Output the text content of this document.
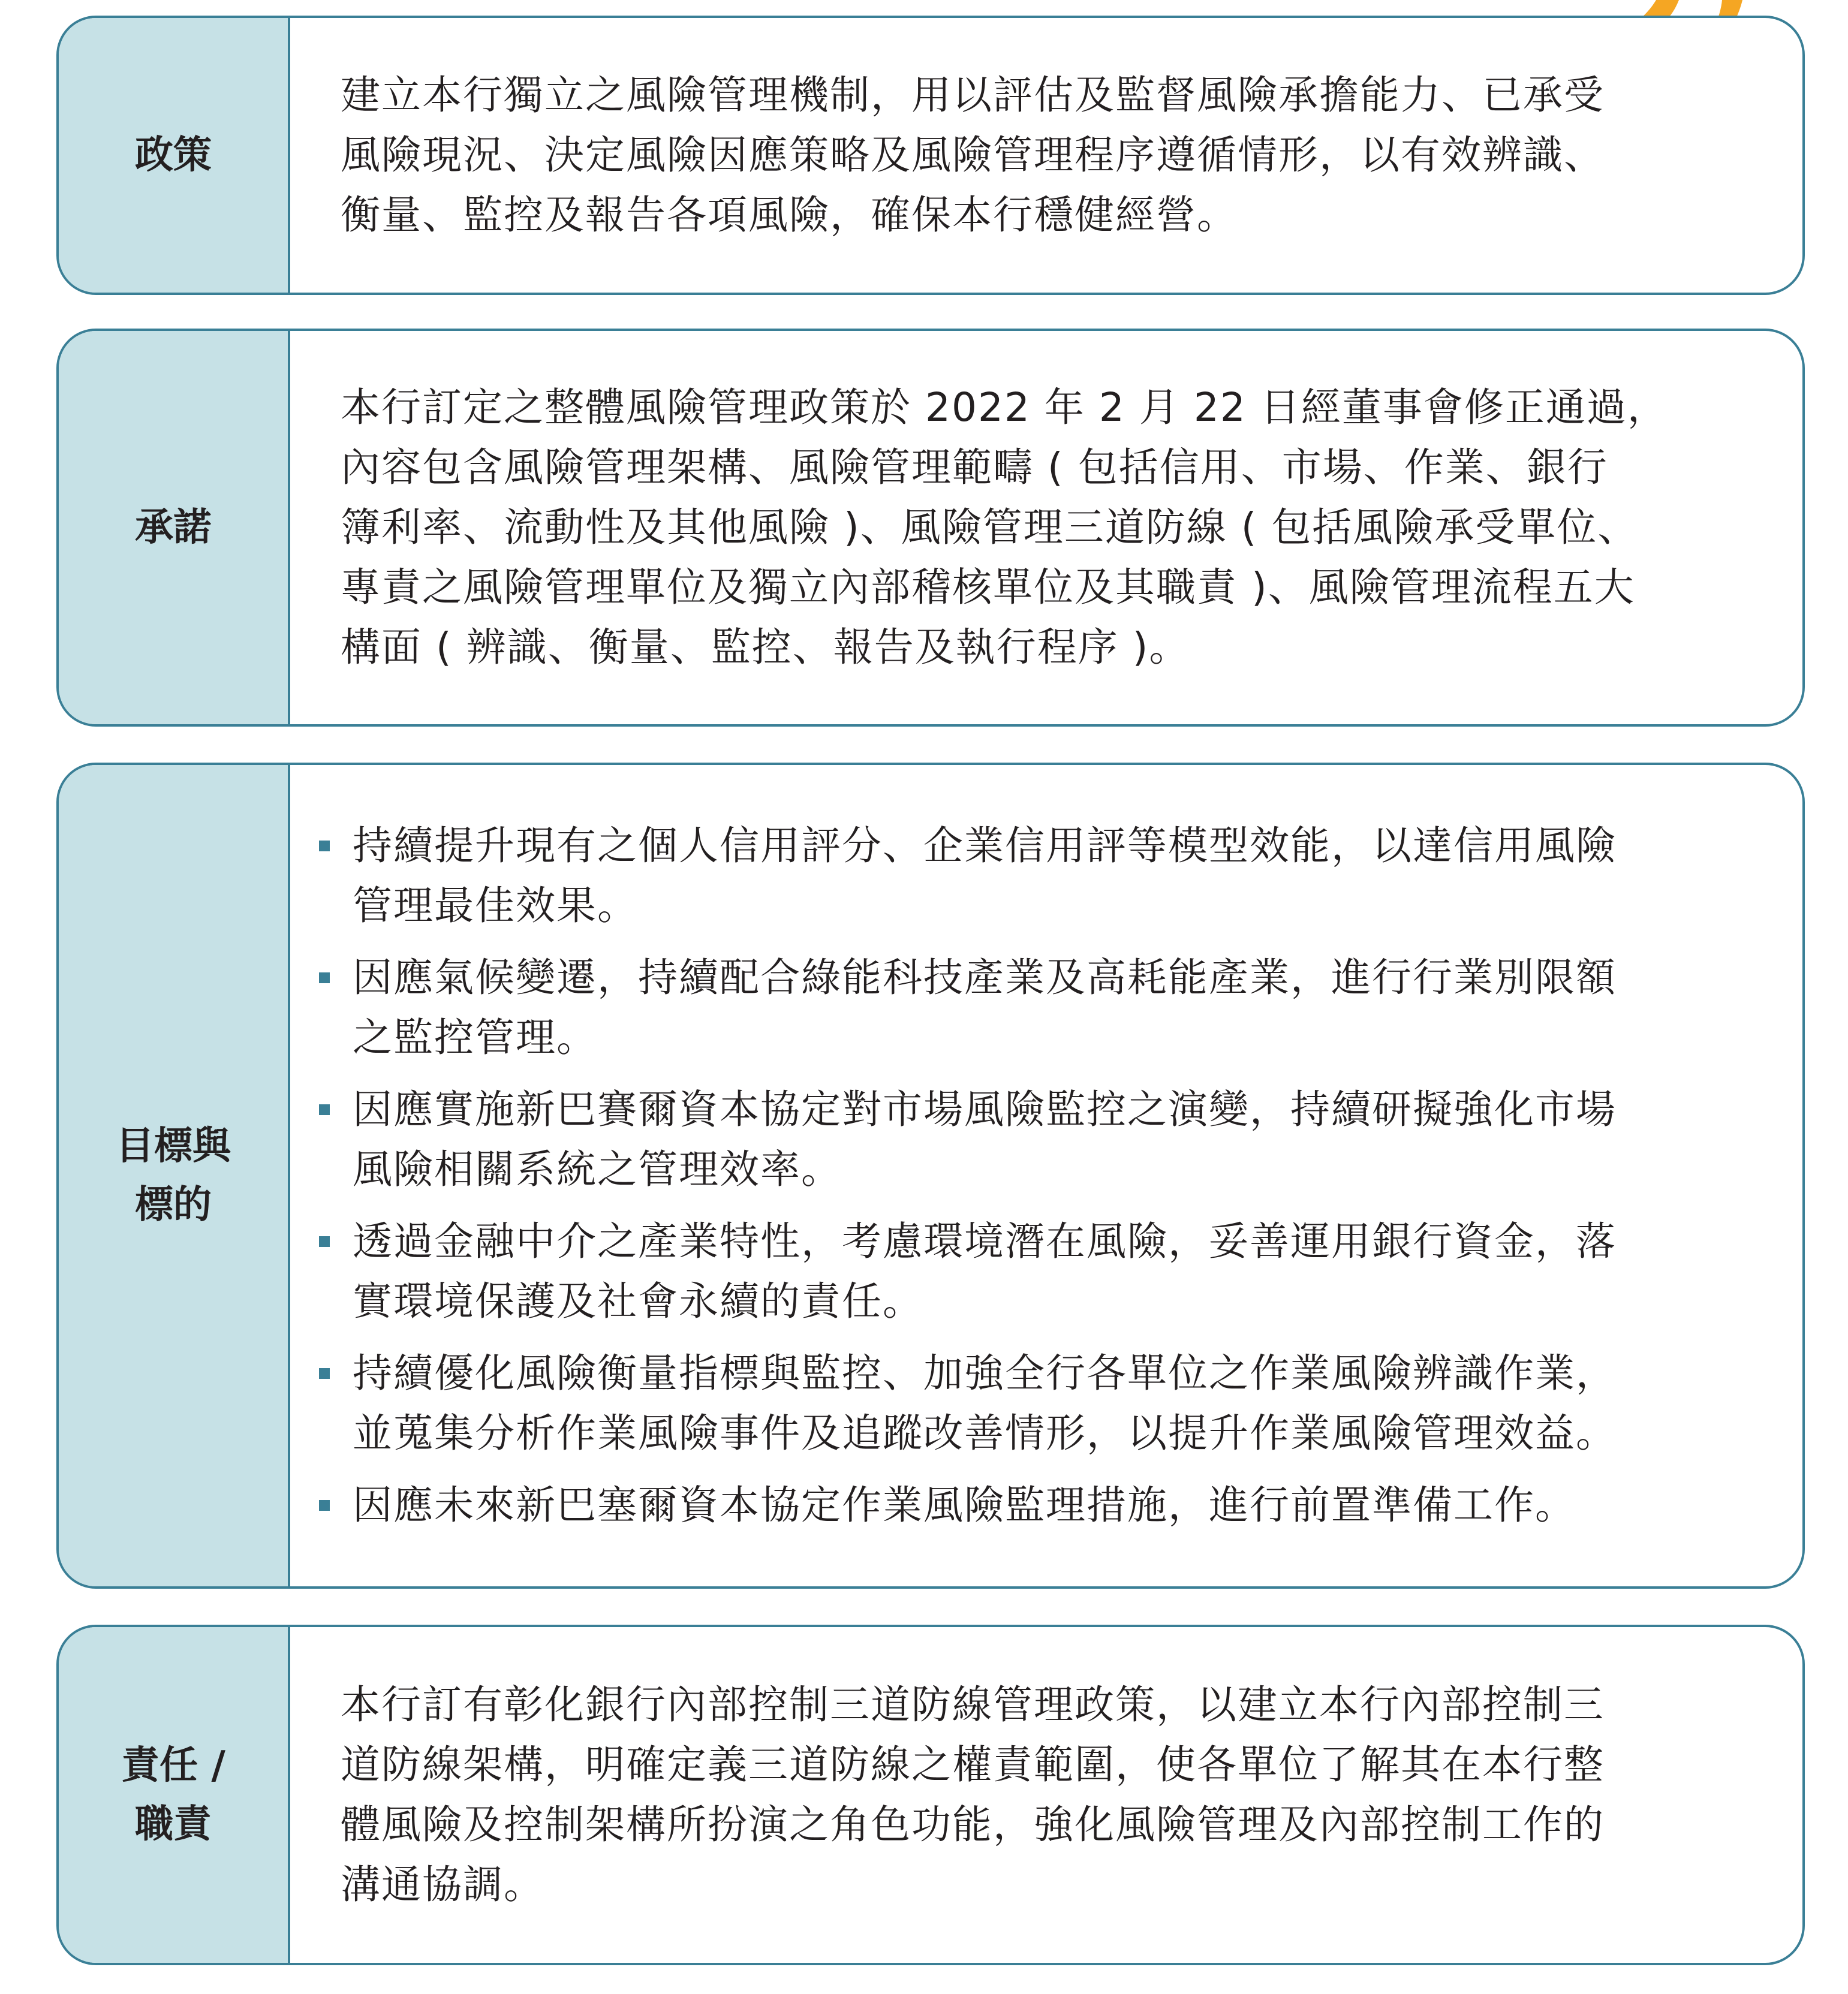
政策

建立本行獨立之風險管理機制，用以評估及監督風險承擔能力、已承受

風險現況、決定風險因應策略及風險管理程序遵循情形，以有效辨識、

衡量、監控及報告各項風險，確保本行穩健經營。

承諾

本行訂定之整體風險管理政策於 2022 年 2 月 22 日經董事會修正通過，

內容包含風險管理架構、風險管理範疇 ( 包括信用、市場、作業、銀行

簿利率、流動性及其他風險 )、風險管理三道防線 ( 包括風險承受單位、

專責之風險管理單位及獨立內部稽核單位及其職責 )、風險管理流程五大

構面 ( 辨識、衡量、監控、報告及執行程序 )。

目標與
標的
持續提升現有之個人信用評分、企業信用評等模型效能，以達信用風險
管理最佳效果。
因應氣候變遷，持續配合綠能科技產業及高耗能產業，進行行業別限額
之監控管理。
因應實施新巴賽爾資本協定對市場風險監控之演變，持續研擬強化市場
風險相關系統之管理效率。
透過金融中介之產業特性，考慮環境潛在風險，妥善運用銀行資金，落
實環境保護及社會永續的責任。
持續優化風險衡量指標與監控、加強全行各單位之作業風險辨識作業，
並蒐集分析作業風險事件及追蹤改善情形，以提升作業風險管理效益。
因應未來新巴塞爾資本協定作業風險監理措施，進行前置準備工作。
責任 /
職責

本行訂有彰化銀行內部控制三道防線管理政策，以建立本行內部控制三

道防線架構，明確定義三道防線之權責範圍，使各單位了解其在本行整

體風險及控制架構所扮演之角色功能，強化風險管理及內部控制工作的

溝通協調。
